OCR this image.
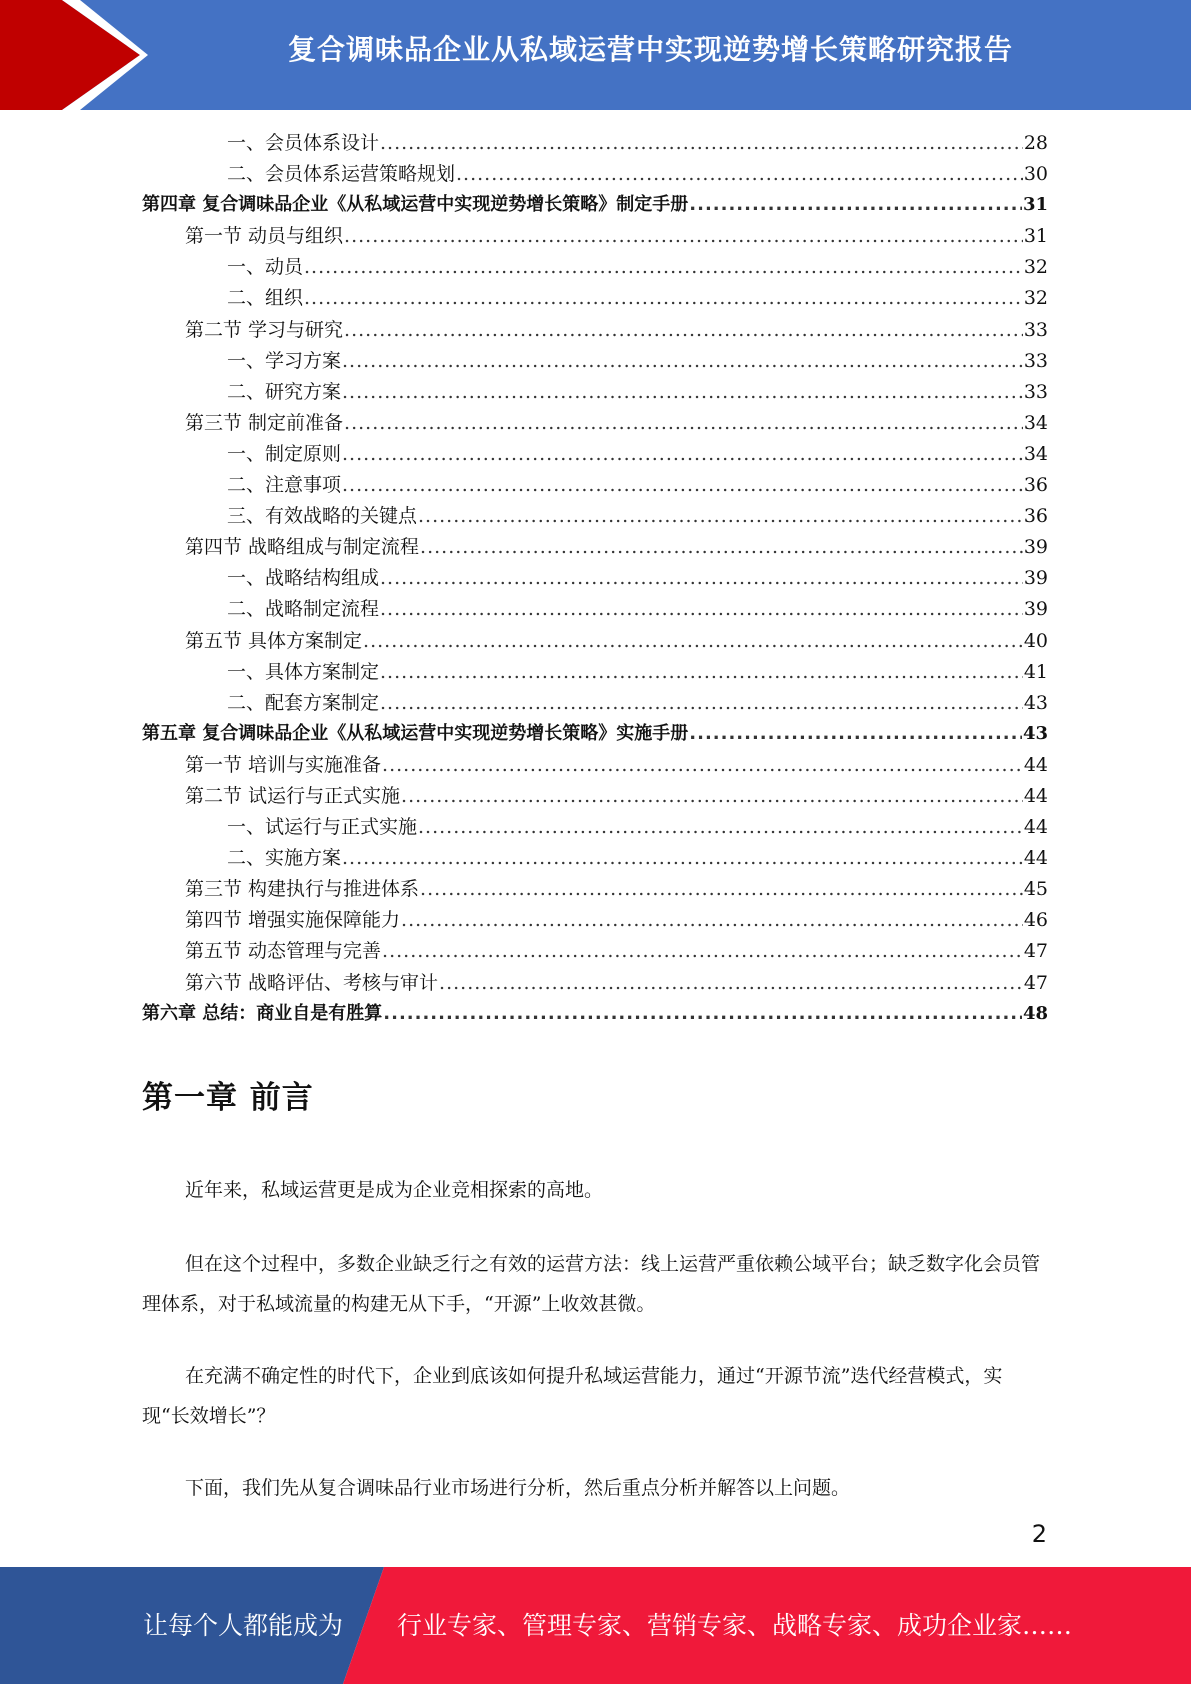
复合调味品企业从私域运营中实现逆势增长策略研究报告
一、会员体系设计 .....	28
二、会员体系运营策略规划 .....	30
第四章 复合调味品企业《从私域运营中实现逆势增长策略》制定手册 .....	31
第一节 动员与组织 .....	31
一、动员 .....	32
二、组织 .....	32
第二节 学习与研究 .....	33
一、学习方案 .....	33
二、研究方案 .....	33
第三节 制定前准备 .....	34
一、制定原则 .....	34
二、注意事项 .....	36
三、有效战略的关键点 .....	36
第四节 战略组成与制定流程 .....	39
一、战略结构组成 .....	39
二、战略制定流程 .....	39
第五节 具体方案制定 .....	40
一、具体方案制定 .....	41
二、配套方案制定 .....	43
第五章 复合调味品企业《从私域运营中实现逆势增长策略》实施手册 .....	43
第一节 培训与实施准备 .....	44
第二节 试运行与正式实施 .....	44
一、试运行与正式实施 .....	44
二、实施方案 .....	44
第三节 构建执行与推进体系 .....	45
第四节 增强实施保障能力 .....	46
第五节 动态管理与完善 .....	47
第六节 战略评估、考核与审计 .....	47
第六章 总结：商业自是有胜算 .....	48
第一章 前言
近年来，私域运营更是成为企业竞相探索的高地。
但在这个过程中，多数企业缺乏行之有效的运营方法：线上运营严重依赖公域平台；缺乏数字化会员管理体系，对于私域流量的构建无从下手，“开源”上收效甚微。
在充满不确定性的时代下，企业到底该如何提升私域运营能力，通过“开源节流”迭代经营模式，实现“长效增长”？
下面，我们先从复合调味品行业市场进行分析，然后重点分析并解答以上问题。
2
让每个人都能成为 行业专家、管理专家、营销专家、战略专家、成功企业家……
